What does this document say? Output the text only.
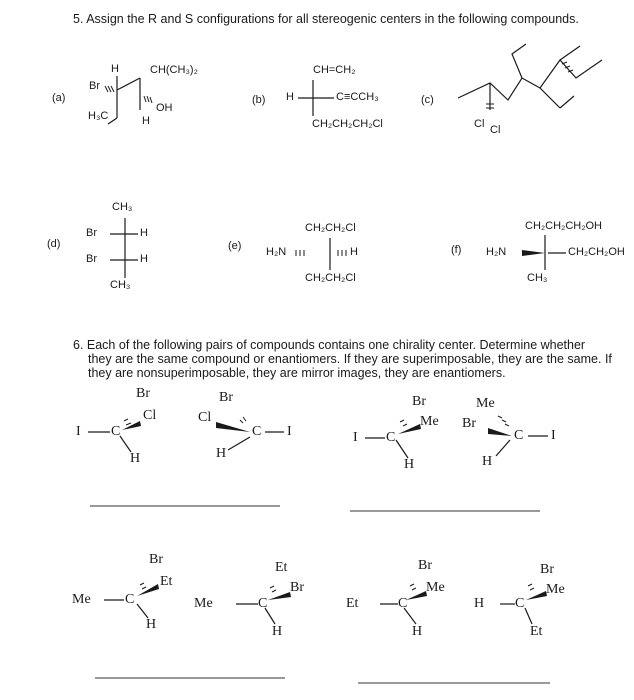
5. Assign the R and S configurations for all stereogenic centers in the following compounds.
(a)
H
Br
H₃C
CH(CH₃)₂
OH
H
(b)
CH=CH₂
H	C≡CCH₃
CH₂CH₂CH₂Cl
(c)
Cl Cl
(d)
CH₃
Br	H
Br	H
CH₃
(e)
CH₂CH₂Cl
H₂N	H
CH₂CH₂Cl
(f)
CH₂CH₂CH₂OH
H₂N	CH₂CH₂OH
CH₃
6. Each of the following pairs of compounds contains one chirality center. Determine whether
they are the same compound or enantiomers. If they are superimposable, they are the same. If
they are nonsuperimposable, they are mirror images, they are enantiomers.
Br
Cl
I C
H
Br
Cl
C I
H
Br
Me
I C
H
Me
Br
C I
H
Br
Et
Me C
H
Et
Br
Me	C
H
Br
Me
Et	C
H
Br
Me
H C
Et
